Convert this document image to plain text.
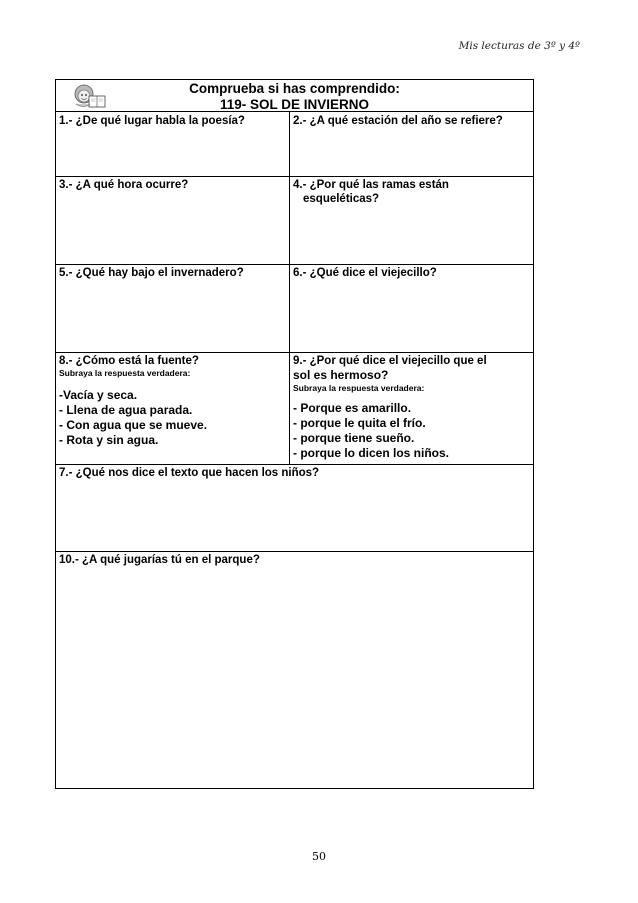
Mis lecturas de 3º y 4º
Comprueba si has comprendido:
119- SOL DE INVIERNO
1.- ¿De qué lugar habla la poesía?	2.- ¿A qué estación del año se refiere?
3.- ¿A qué hora ocurre?	4.- ¿Por qué las ramas están
esqueléticas?
5.- ¿Qué hay bajo el invernadero?	6.- ¿Qué dice el viejecillo?
8.- ¿Cómo está la fuente?
Subraya la respuesta verdadera:
-Vacía y seca.
- Llena de agua parada.
- Con agua que se mueve.
- Rota y sin agua.
9.- ¿Por qué dice el viejecillo que el
sol es hermoso?
Subraya la respuesta verdadera:
- Porque es amarillo.
- porque le quita el frío.
- porque tiene sueño.
- porque lo dicen los niños.
7.- ¿Qué nos dice el texto que hacen los niños?
10.- ¿A qué jugarías tú en el parque?
50
